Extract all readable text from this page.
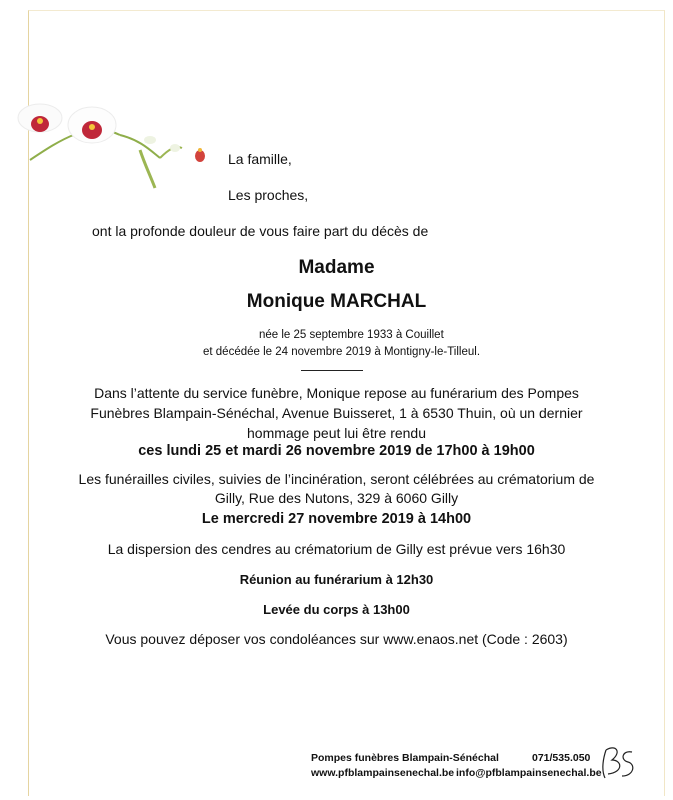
La famille,
Les proches,
ont la profonde douleur de vous faire part du décès de
Madame
Monique MARCHAL
née le 25 septembre 1933 à Couillet
et décédée le 24 novembre 2019 à Montigny-le-Tilleul.
Dans l’attente du service funèbre, Monique repose au funérarium des Pompes
Funèbres Blampain-Sénéchal, Avenue Buisseret, 1 à 6530 Thuin, où un dernier
hommage peut lui être rendu
ces lundi 25 et mardi 26 novembre 2019 de 17h00 à 19h00
Les funérailles civiles, suivies de l’incinération, seront célébrées au crématorium de
Gilly, Rue des Nutons, 329 à 6060 Gilly
Le mercredi 27 novembre 2019 à 14h00
La dispersion des cendres au crématorium de Gilly est prévue vers 16h30
Réunion au funérarium à 12h30
Levée du corps à 13h00
Vous pouvez déposer vos condoléances sur www.enaos.net (Code : 2603)
Pompes funèbres Blampain-Sénéchal
www.pfblampainsenechal.be
071/535.050
info@pfblampainsenechal.be
